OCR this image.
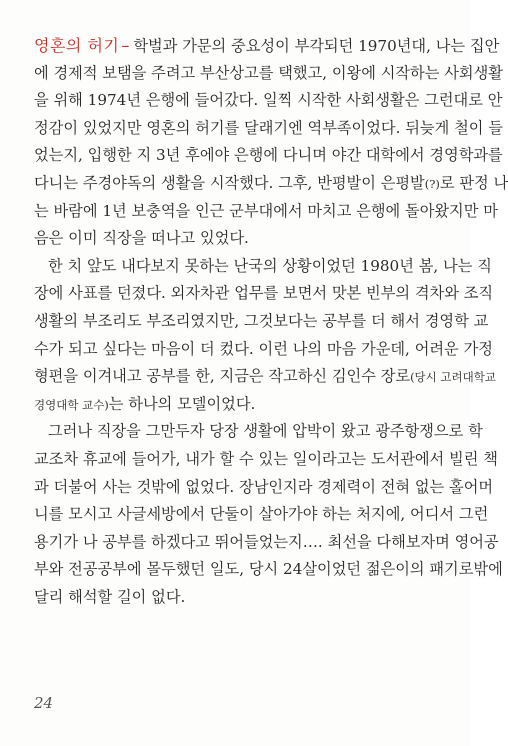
영혼의 허기 – 학벌과 가문의 중요성이 부각되던 1970년대, 나는 집안
에 경제적 보탬을 주려고 부산상고를 택했고, 이왕에 시작하는 사회생활
을 위해 1974년 은행에 들어갔다. 일찍 시작한 사회생활은 그런대로 안
정감이 있었지만 영혼의 허기를 달래기엔 역부족이었다. 뒤늦게 철이 들
었는지, 입행한 지 3년 후에야 은행에 다니며 야간 대학에서 경영학과를
다니는 주경야독의 생활을 시작했다. 그후, 반평발이 은평발(?)로 판정 나
는 바람에 1년 보충역을 인근 군부대에서 마치고 은행에 돌아왔지만 마
음은 이미 직장을 떠나고 있었다.
한 치 앞도 내다보지 못하는 난국의 상황이었던 1980년 봄, 나는 직
장에 사표를 던졌다. 외자차관 업무를 보면서 맛본 빈부의 격차와 조직
생활의 부조리도 부조리였지만, 그것보다는 공부를 더 해서 경영학 교
수가 되고 싶다는 마음이 더 컸다. 이런 나의 마음 가운데, 어려운 가정
형편을 이겨내고 공부를 한, 지금은 작고하신 김인수 장로(당시 고려대학교
경영대학 교수)는 하나의 모델이었다.
그러나 직장을 그만두자 당장 생활에 압박이 왔고 광주항쟁으로 학
교조차 휴교에 들어가, 내가 할 수 있는 일이라고는 도서관에서 빌린 책
과 더불어 사는 것밖에 없었다. 장남인지라 경제력이 전혀 없는 홀어머
니를 모시고 사글세방에서 단둘이 살아가야 하는 처지에, 어디서 그런
용기가 나 공부를 하겠다고 뛰어들었는지…. 최선을 다해보자며 영어공
부와 전공공부에 몰두했던 일도, 당시 24살이었던 젊은이의 패기로밖에
달리 해석할 길이 없다.
24
